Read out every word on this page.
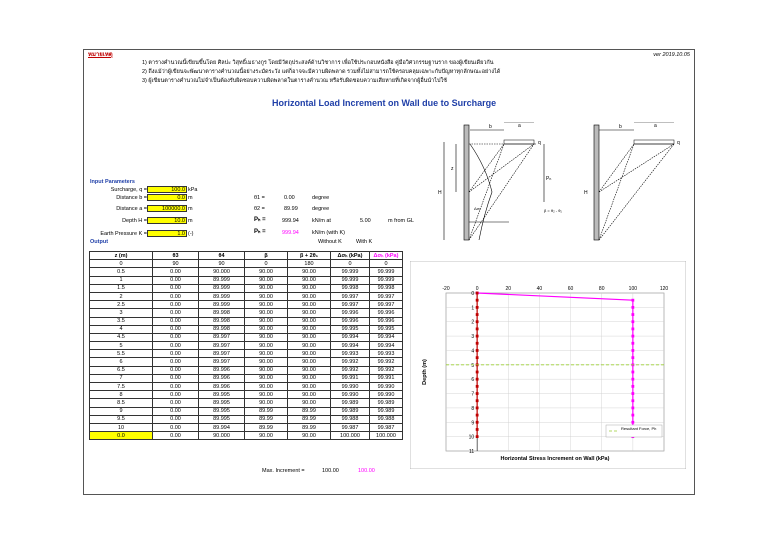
หมายเหตุ	ver 2019.10.05
1) ตารางคำนวณนี้เขียนขึ้นโดย ศิลปะ วิสุทธิ์เมธางกูร โดยมีวัตถุประสงค์ด้านวิชาการ เพื่อใช้ประกอบหนังสือ คู่มือวิศวกรรมฐานราก ของผู้เขียนเดียวกัน
2) ถึงแม้ว่าผู้เขียนจะพัฒนาตารางคำนวณนี้อย่างระมัดระวัง แต่ก็อาจจะมีความผิดพลาด รวมทั้งไม่สามารถใช้ครอบคลุมเฉพาะกับปัญหาทุกลักษณะอย่างได้
3) ผู้เขียนตารางคำนวณไม่จำเป็นต้องรับผิดชอบความผิดพลาดในตารางคำนวณ หรือรับผิดชอบความเสียหายที่เกิดจากผู้อื่นนำไปใช้
Horizontal Load Increment on Wall due to Surcharge
Input Parameters
Surcharge, q =	100.0 kPa
Distance b =	0.0 m
Distance a =	100000.0 m
Depth H =	10.0 m
Earth Pressure K =	1.0 (-)
θ1 =	0.00	degree
θ2 =	89.99	degree
Pₕ =	999.94 kN/m at	5.00	m from GL
Pₕ =	999.94 kN/m (with K)
Output	Without K	With K
z (m)	θ3	θ4	β	β + 2θ₁	Δσₕ (kPa)	Δσₕ (kPa)
0	90	90	0	180	0	0
0.5	0.00	90.000	90.00	90.00	99.999	99.999
1	0.00	89.999	90.00	90.00	99.999	99.999
1.5	0.00	89.999	90.00	90.00	99.998	99.998
2	0.00	89.999	90.00	90.00	99.997	99.997
2.5	0.00	89.999	90.00	90.00	99.997	99.997
3	0.00	89.998	90.00	90.00	99.996	99.996
3.5	0.00	89.998	90.00	90.00	99.996	99.996
4	0.00	89.998	90.00	90.00	99.995	99.995
4.5	0.00	89.997	90.00	90.00	99.994	99.994
5	0.00	89.997	90.00	90.00	99.994	99.994
5.5	0.00	89.997	90.00	90.00	99.993	99.993
6	0.00	89.997	90.00	90.00	99.992	99.992
6.5	0.00	89.996	90.00	90.00	99.992	99.992
7	0.00	89.996	90.00	90.00	99.991	99.991
7.5	0.00	89.996	90.00	90.00	99.990	99.990
8	0.00	89.995	90.00	90.00	99.990	99.990
8.5	0.00	89.995	90.00	90.00	99.989	99.989
9	0.00	89.995	89.99	89.99	99.989	99.989
9.5	0.00	89.995	89.99	89.99	99.988	99.988
10	0.00	89.994	89.99	89.99	99.987	99.987
0.0	0.00	90.000	90.00	90.00	100.000	100.000
Max. Increment =	100.00	100.00
b	a
q
H
z
Pₕ
Δσₕ	β = θ₂ - θ₁
b	a
q
H
-20	0	20	40	60	80	100	120
0
1
2
3
4
5
6
7
8
9
10
11
Horizontal Stress Increment on Wall (kPa)
Depth (m)
Resultant Force, Ph
